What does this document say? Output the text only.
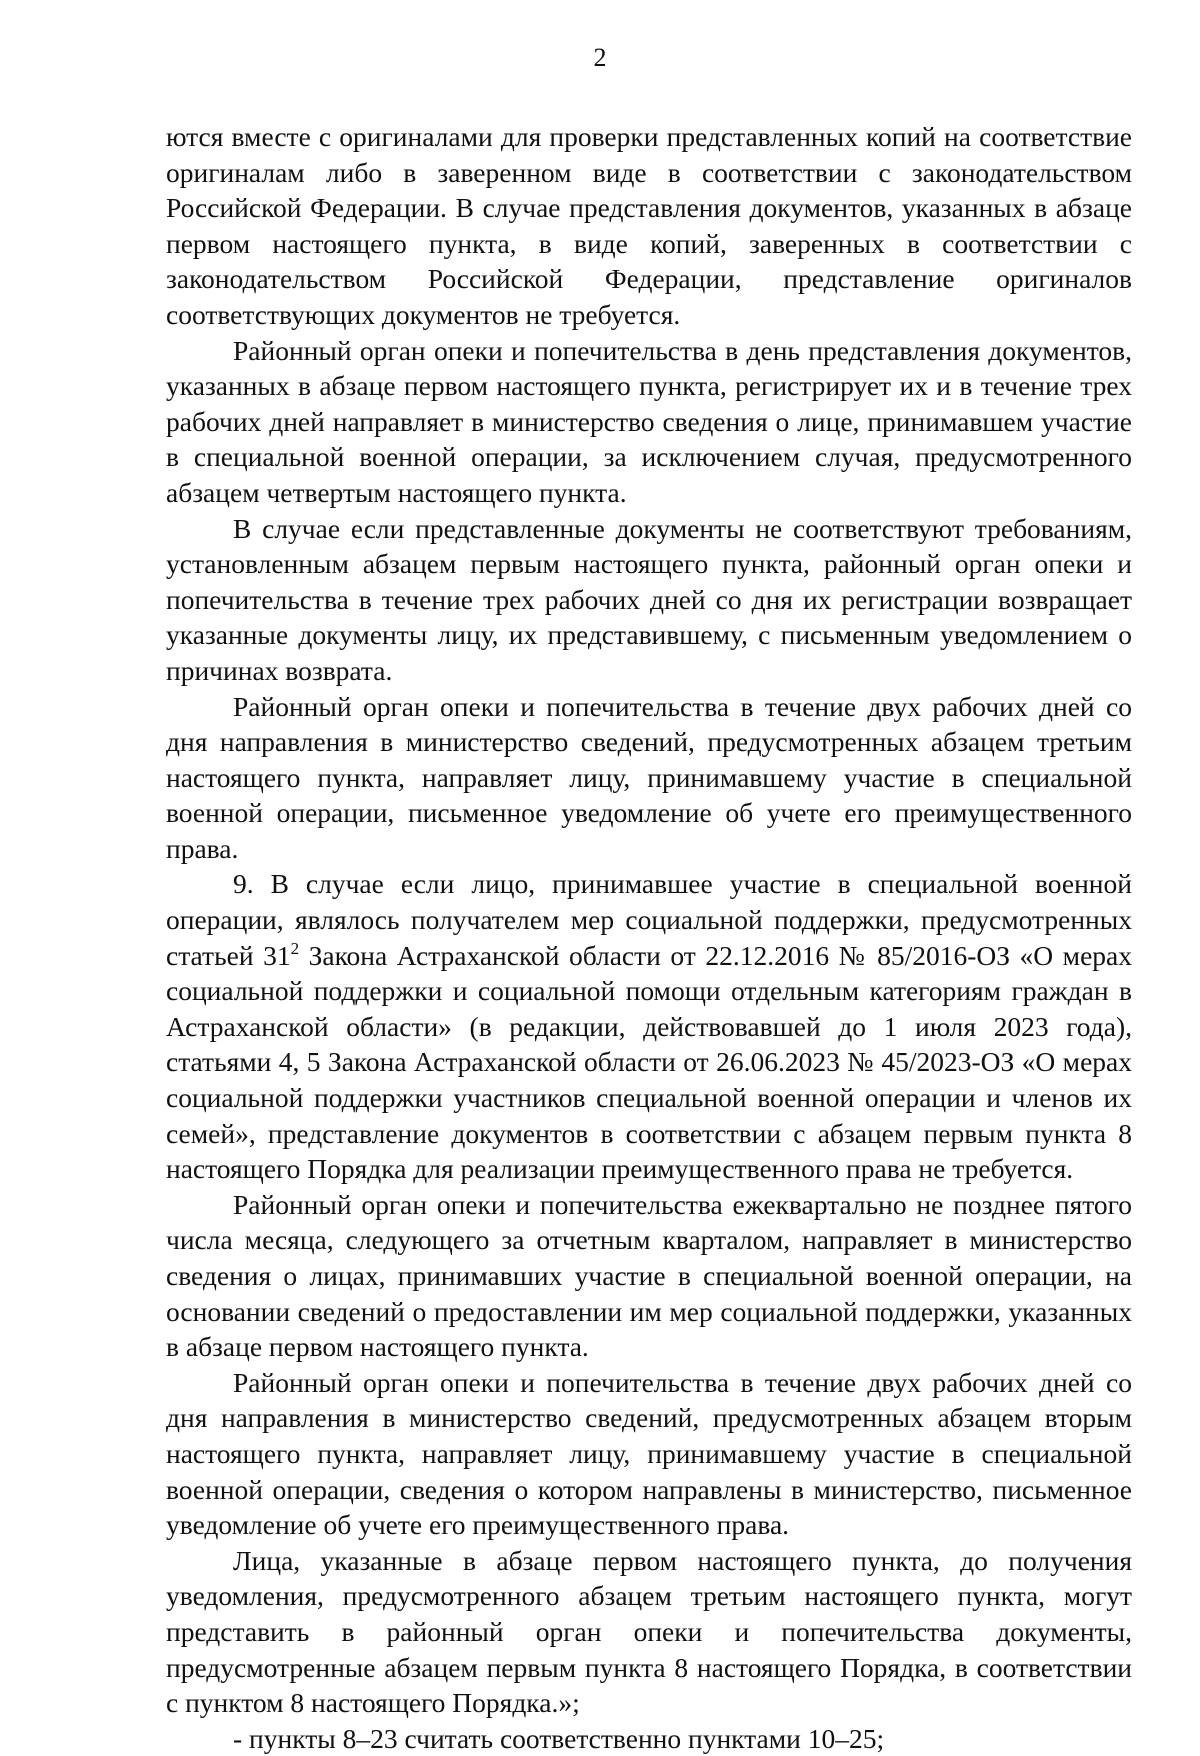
2

ются вместе с оригиналами для проверки представленных копий на соответствие оригиналам либо в заверенном виде в соответствии с законодательством Российской Федерации. В случае представления документов, указанных в абзаце первом настоящего пункта, в виде копий, заверенных в соответствии с законодательством Российской Федерации, представление оригиналов соответствующих документов не требуется.

Районный орган опеки и попечительства в день представления документов, указанных в абзаце первом настоящего пункта, регистрирует их и в течение трех рабочих дней направляет в министерство сведения о лице, принимавшем участие в специальной военной операции, за исключением случая, предусмотренного абзацем четвертым настоящего пункта.

В случае если представленные документы не соответствуют требованиям, установленным абзацем первым настоящего пункта, районный орган опеки и попечительства в течение трех рабочих дней со дня их регистрации возвращает указанные документы лицу, их представившему, с письменным уведомлением о причинах возврата.

Районный орган опеки и попечительства в течение двух рабочих дней со дня направления в министерство сведений, предусмотренных абзацем третьим настоящего пункта, направляет лицу, принимавшему участие в специальной военной операции, письменное уведомление об учете его преимущественного права.

9. В случае если лицо, принимавшее участие в специальной военной операции, являлось получателем мер социальной поддержки, предусмотренных статьей $31^2$ Закона Астраханской области от 22.12.2016 № 85/2016-ОЗ «О мерах социальной поддержки и социальной помощи отдельным категориям граждан в Астраханской области» (в редакции, действовавшей до 1 июля 2023 года), статьями 4, 5 Закона Астраханской области от 26.06.2023 № 45/2023-ОЗ «О мерах социальной поддержки участников специальной военной операции и членов их семей», представление документов в соответствии с абзацем первым пункта 8 настоящего Порядка для реализации преимущественного права не требуется.

Районный орган опеки и попечительства ежеквартально не позднее пятого числа месяца, следующего за отчетным кварталом, направляет в министерство сведения о лицах, принимавших участие в специальной военной операции, на основании сведений о предоставлении им мер социальной поддержки, указанных в абзаце первом настоящего пункта.

Районный орган опеки и попечительства в течение двух рабочих дней со дня направления в министерство сведений, предусмотренных абзацем вторым настоящего пункта, направляет лицу, принимавшему участие в специальной военной операции, сведения о котором направлены в министерство, письменное уведомление об учете его преимущественного права.

Лица, указанные в абзаце первом настоящего пункта, до получения уведомления, предусмотренного абзацем третьим настоящего пункта, могут представить в районный орган опеки и попечительства документы, предусмотренные абзацем первым пункта 8 настоящего Порядка, в соответствии с пунктом 8 настоящего Порядка.»;

- пункты 8–23 считать соответственно пунктами 10–25;
